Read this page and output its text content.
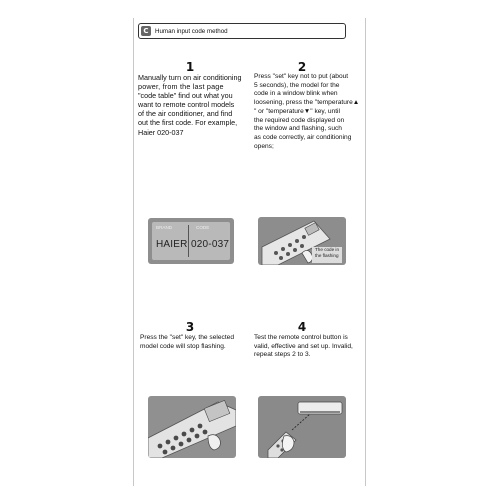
C	Human input code method
1
Manually turn on air conditioning
power, from the last page
"code table" find out what you
want to remote control models
of the air conditioner, and find
out the first code. For example,
Haier 020-037
2
Press "set" key not to put (about
5 seconds), the model for the
code in a window blink when
loosening, press the "temperature▲
" or "temperature▼" key, until
the required code displayed on
the window and flashing, such
as code correctly, air conditioning
opens;
BRAND	CODE
HAIER 020-037	The code in
the flashing
3
Press the "set" key, the selected
model code will stop flashing.
4
Test the remote control button is
valid, effective and set up. Invalid,
repeat steps 2 to 3.
